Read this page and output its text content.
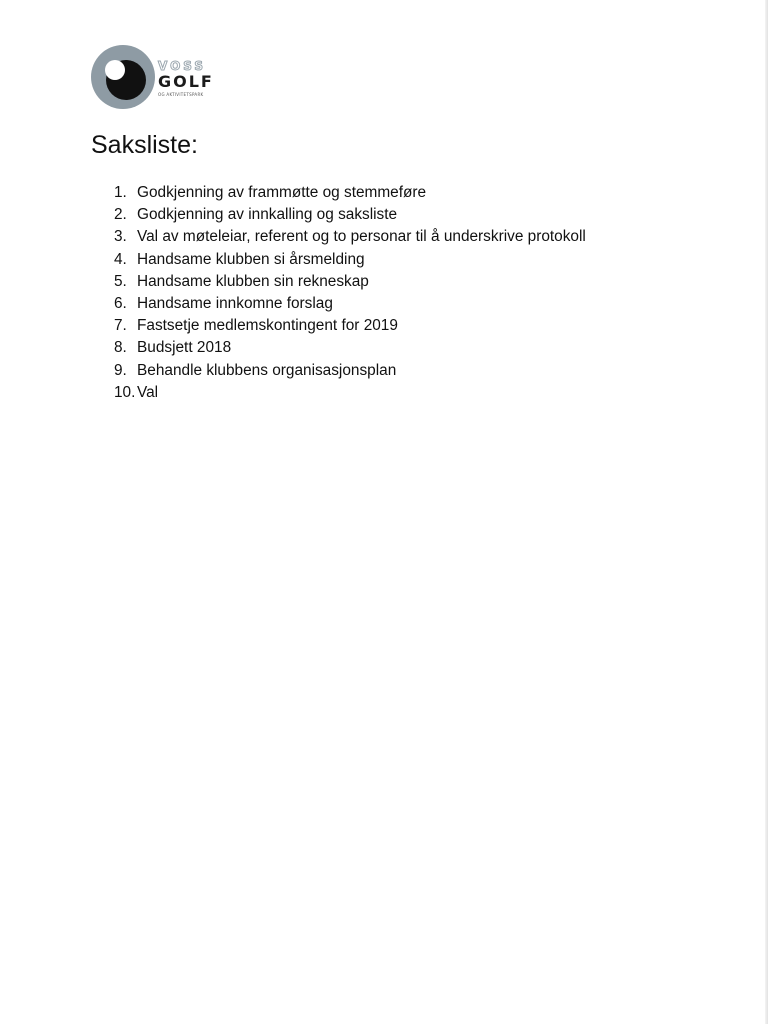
VOSS
GOLF
OG AKTIVITETSPARK
Saksliste:
1. Godkjenning av frammøtte og stemmeføre
2. Godkjenning av innkalling og saksliste
3. Val av møteleiar, referent og to personar til å underskrive protokoll
4. Handsame klubben si årsmelding
5. Handsame klubben sin rekneskap
6. Handsame innkomne forslag
7. Fastsetje medlemskontingent for 2019
8. Budsjett 2018
9. Behandle klubbens organisasjonsplan
10. Val
